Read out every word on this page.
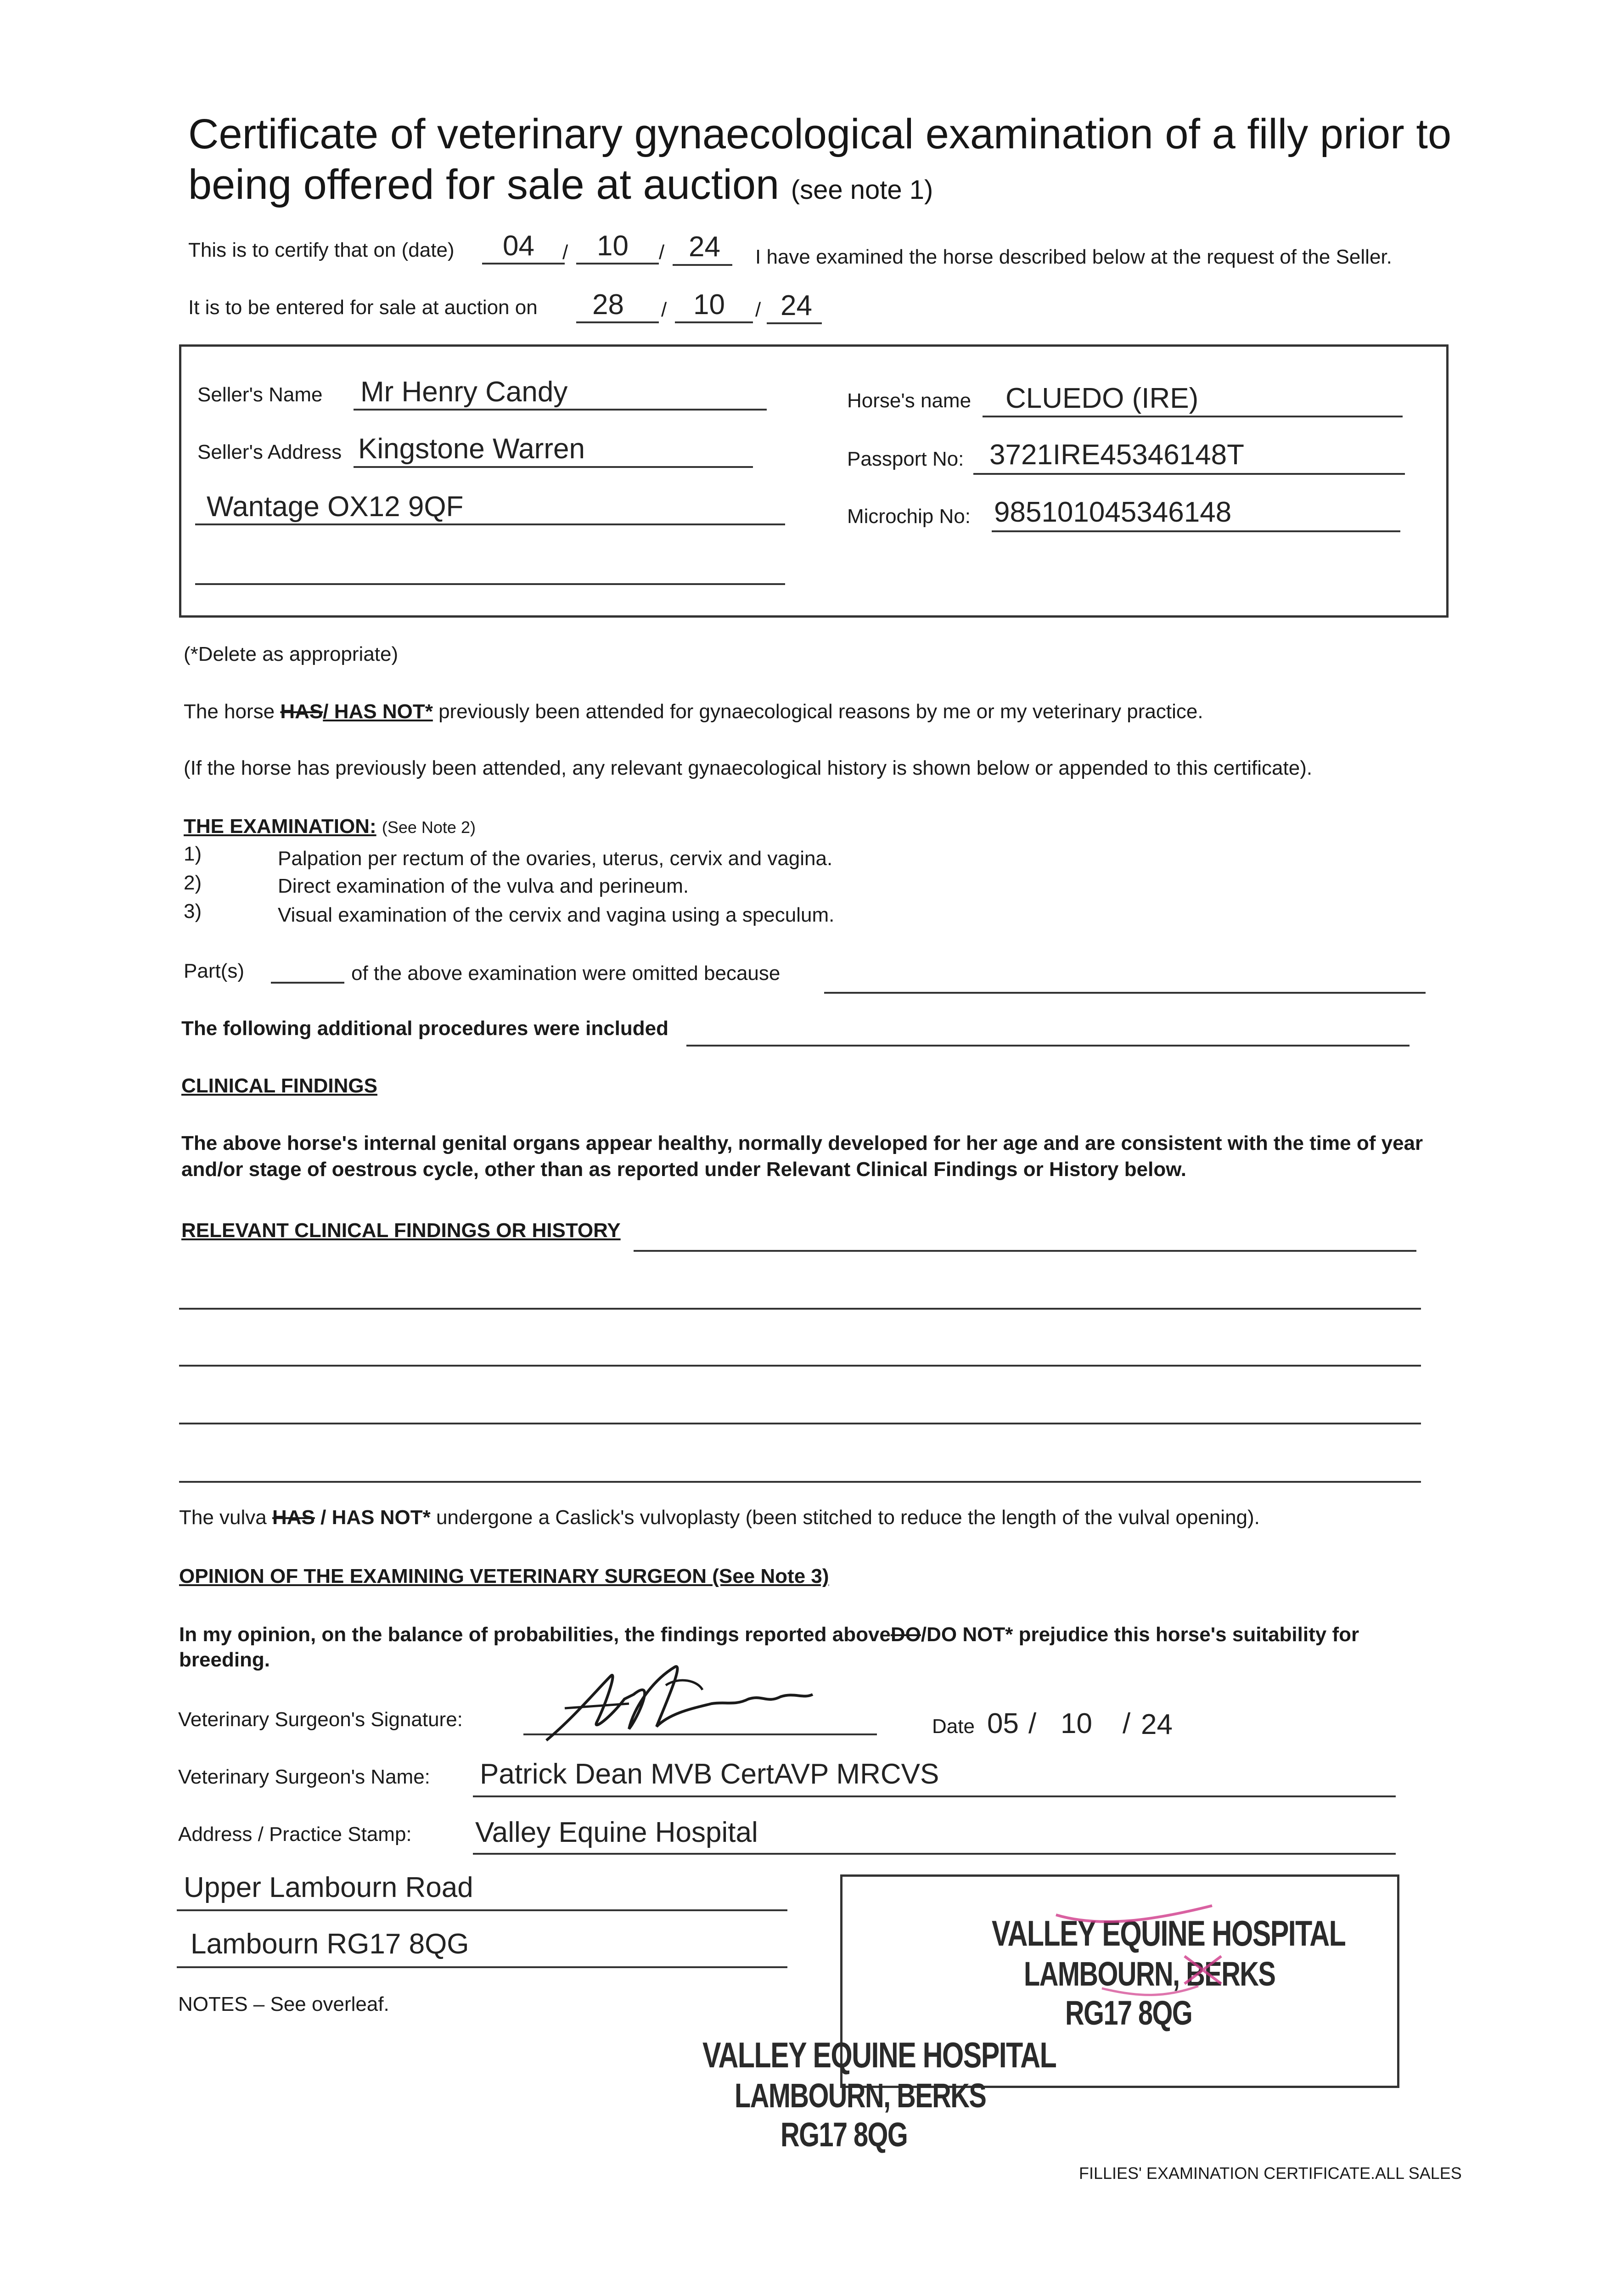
Certificate of veterinary gynaecological examination of a filly prior to
being offered for sale at auction (see note 1)
This is to certify that on (date) 04 / 10 / 24 I have examined the horse described below at the request of the Seller.
It is to be entered for sale at auction on 28 / 10 / 24
Seller's Name Mr Henry Candy
Seller's Address Kingstone Warren
Wantage OX12 9QF
Horse's name CLUEDO (IRE)
Passport No: 3721IRE45346148T
Microchip No: 985101045346148
(*Delete as appropriate)
The horse HAS/ HAS NOT* previously been attended for gynaecological reasons by me or my veterinary practice.
(If the horse has previously been attended, any relevant gynaecological history is shown below or appended to this certificate).
THE EXAMINATION: (See Note 2)
1)	Palpation per rectum of the ovaries, uterus, cervix and vagina.
2)	Direct examination of the vulva and perineum.
3)	Visual examination of the cervix and vagina using a speculum.
Part(s)	of the above examination were omitted because
The following additional procedures were included
CLINICAL FINDINGS
The above horse's internal genital organs appear healthy, normally developed for her age and are consistent with the time of year
and/or stage of oestrous cycle, other than as reported under Relevant Clinical Findings or History below.
RELEVANT CLINICAL FINDINGS OR HISTORY
The vulva HAS / HAS NOT* undergone a Caslick's vulvoplasty (been stitched to reduce the length of the vulval opening).
OPINION OF THE EXAMINING VETERINARY SURGEON (See Note 3)
In my opinion, on the balance of probabilities, the findings reported aboveDO/DO NOT* prejudice this horse's suitability for
breeding.
Veterinary Surgeon's Signature:	Date 05 / 10 / 24
Veterinary Surgeon's Name: Patrick Dean MVB CertAVP MRCVS
Address / Practice Stamp: Valley Equine Hospital
Upper Lambourn Road
Lambourn RG17 8QG
NOTES – See overleaf.
VALLEY EQUINE HOSPITAL
LAMBOURN, BERKS
RG17 8QG
VALLEY EQUINE HOSPITAL
LAMBOURN, BERKS
RG17 8QG
FILLIES' EXAMINATION CERTIFICATE.ALL SALES
